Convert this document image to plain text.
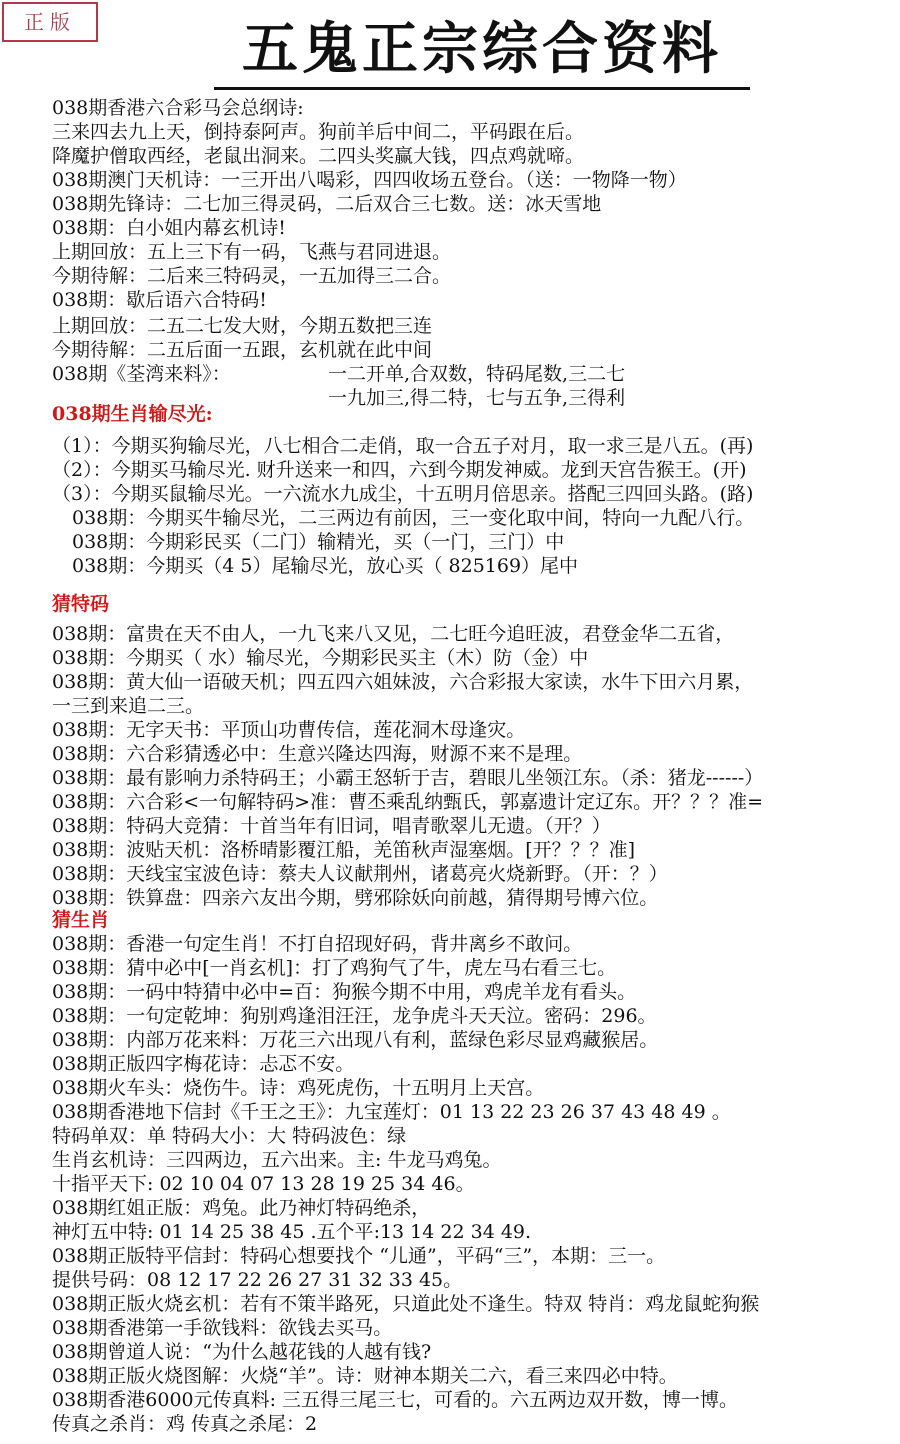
正版	五鬼正宗综合资料
038期香港六合彩马会总纲诗:
三来四去九上天，倒持泰阿声。狗前羊后中间二，平码跟在后。
降魔护僧取西经，老鼠出洞来。二四头奖赢大钱，四点鸡就啼。
038期澳门天机诗：一三开出八喝彩，四四收场五登台。（送：一物降一物）
038期先锋诗：二七加三得灵码，二后双合三七数。送：冰天雪地
038期：白小姐内幕玄机诗!
上期回放：五上三下有一码，飞燕与君同进退。
今期待解：二后来三特码灵，一五加得三二合。
038期：歇后语六合特码!
上期回放：二五二七发大财，今期五数把三连
今期待解：二五后面一五跟，玄机就在此中间
038期《荃湾来料》：	一二开单,合双数，特码尾数,三二七
一九加三,得二特，七与五争,三得利
038期生肖输尽光:
（1）：今期买狗输尽光，八七相合二走俏，取一合五子对月，取一求三是八五。(再)
（2）：今期买马输尽光. 财升送来一和四，六到今期发神威。龙到天宫告猴王。(开)
（3）：今期买鼠输尽光。一六流水九成尘，十五明月倍思亲。搭配三四回头路。(路)
038期：今期买牛输尽光，二三两边有前因，三一变化取中间，特向一九配八行。
038期：今期彩民买（二门）输精光，买（一门，三门）中
038期：今期买（4 5）尾输尽光，放心买（ 825169）尾中
猜特码
038期：富贵在天不由人，一九飞来八又见，二七旺今追旺波，君登金华二五省，
038期：今期买（ 水）输尽光，今期彩民买主（木）防（金）中
038期：黄大仙一语破天机；四五四六姐妹波，六合彩报大家读，水牛下田六月累，
一三到来追二三。
038期：无字天书：平顶山功曹传信，莲花洞木母逢灾。
038期：六合彩猜透必中：生意兴隆达四海，财源不来不是理。
038期：最有影响力杀特码王；小霸王怒斩于吉，碧眼儿坐领江东。（杀：猪龙------）
038期：六合彩<一句解特码>准：曹丕乘乱纳甄氏，郭嘉遗计定辽东。开？？？准=
038期：特码大竞猜：十首当年有旧词，唱青歌翠儿无遗。（开？）
038期：波贴天机：洛桥晴影覆江船，羌笛秋声湿塞烟。[开？？？准]
038期：天线宝宝波色诗：蔡夫人议献荆州，诸葛亮火烧新野。（开：？）
038期：铁算盘：四亲六友出今期，劈邪除妖向前越，猜得期号博六位。
猜生肖
038期：香港一句定生肖！不打自招现好码，背井离乡不敢问。
038期：猜中必中[一肖玄机]：打了鸡狗气了牛，虎左马右看三七。
038期：一码中特猜中必中=百：狗猴今期不中用，鸡虎羊龙有看头。
038期：一句定乾坤：狗别鸡逢泪汪汪，龙争虎斗天天泣。密码：296。
038期：内部万花来料：万花三六出现八有利，蓝绿色彩尽显鸡藏猴居。
038期正版四字梅花诗：忐忑不安。
038期火车头：烧伤牛。诗：鸡死虎伤，十五明月上天宫。
038期香港地下信封《千王之王》：九宝莲灯：01 13 22 23 26 37 43 48 49 。
特码单双：单 特码大小：大 特码波色：绿
生肖玄机诗：三四两边，五六出来。主: 牛龙马鸡兔。
十指平天下: 02 10 04 07 13 28 19 25 34 46。
038期红姐正版：鸡兔。此乃神灯特码绝杀，
神灯五中特: 01 14 25 38 45 .五个平:13 14 22 34 49.
038期正版特平信封：特码心想要找个 “儿通”，平码“三”，本期：三一。
提供号码：08 12 17 22 26 27 31 32 33 45。
038期正版火烧玄机：若有不策半路死，只道此处不逢生。特双 特肖：鸡龙鼠蛇狗猴
038期香港第一手欲钱料：欲钱去买马。
038期曾道人说：“为什么越花钱的人越有钱?
038期正版火烧图解：火烧“羊”。诗：财神本期关二六，看三来四必中特。
038期香港6000元传真料: 三五得三尾三七，可看的。六五两边双开数，博一博。
传真之杀肖：鸡 传真之杀尾：2
